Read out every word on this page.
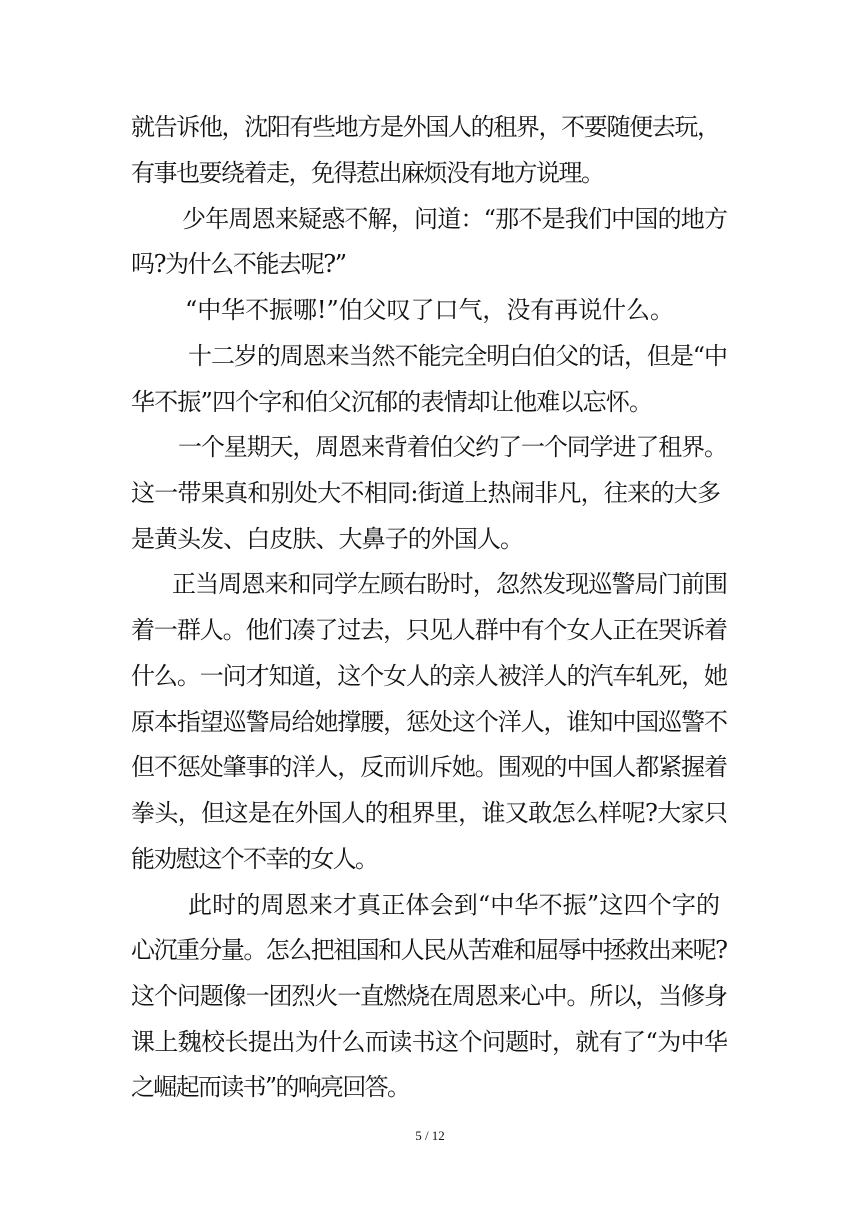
就告诉他，沈阳有些地方是外国人的租界，不要随便去玩，
有事也要绕着走，免得惹出麻烦没有地方说理。
少年周恩来疑惑不解，问道：“那不是我们中国的地方
吗?为什么不能去呢?”
“中华不振哪!”伯父叹了口气，没有再说什么。
十二岁的周恩来当然不能完全明白伯父的话，但是“中
华不振”四个字和伯父沉郁的表情却让他难以忘怀。
一个星期天，周恩来背着伯父约了一个同学进了租界。
这一带果真和别处大不相同:街道上热闹非凡，往来的大多
是黄头发、白皮肤、大鼻子的外国人。
正当周恩来和同学左顾右盼时，忽然发现巡警局门前围
着一群人。他们凑了过去，只见人群中有个女人正在哭诉着
什么。一问才知道，这个女人的亲人被洋人的汽车轧死，她
原本指望巡警局给她撑腰，惩处这个洋人，谁知中国巡警不
但不惩处肇事的洋人，反而训斥她。围观的中国人都紧握着
拳头，但这是在外国人的租界里，谁又敢怎么样呢?大家只
能劝慰这个不幸的女人。
此时的周恩来才真正体会到“中华不振”这四个字的
心沉重分量。怎么把祖国和人民从苦难和屈辱中拯救出来呢?
这个问题像一团烈火一直燃烧在周恩来心中。所以，当修身
课上魏校长提出为什么而读书这个问题时，就有了“为中华
之崛起而读书”的响亮回答。
5 / 12
